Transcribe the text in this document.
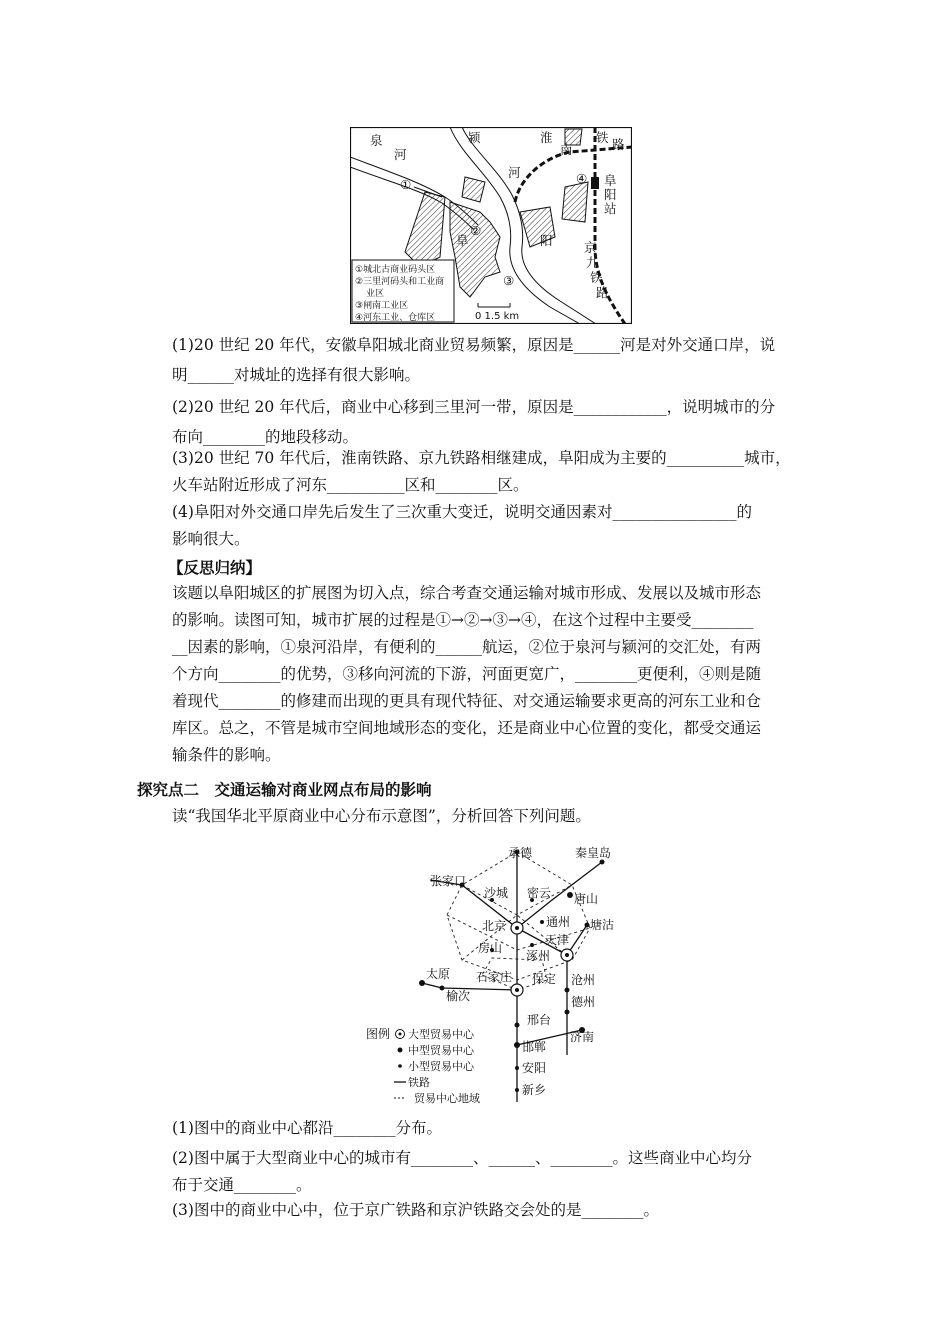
泉
河
颍
河
淮
南
铁 路
阜
阳
站
京
九
铁
路
阜	阳
①
②
③
④
①城北古商业码头区
②三里河码头和工业商
业区
③闸南工业区
④河东工业、仓库区	0 1.5 km
(1)20 世纪 20 年代，安徽阜阳城北商业贸易频繁，原因是______河是对外交通口岸，说
明______对城址的选择有很大影响。
(2)20 世纪 20 年代后，商业中心移到三里河一带，原因是____________，说明城市的分
布向________的地段移动。
(3)20 世纪 70 年代后，淮南铁路、京九铁路相继建成，阜阳成为主要的__________城市，
火车站附近形成了河东__________区和________区。
(4)阜阳对外交通口岸先后发生了三次重大变迁，说明交通因素对________________的
影响很大。
【反思归纳】
该题以阜阳城区的扩展图为切入点，综合考查交通运输对城市形成、发展以及城市形态
的影响。读图可知，城市扩展的过程是①→②→③→④，在这个过程中主要受________
__因素的影响，①泉河沿岸，有便利的______航运，②位于泉河与颍河的交汇处，有两
个方向________的优势，③移向河流的下游，河面更宽广，________更便利，④则是随
着现代________的修建而出现的更具有现代特征、对交通运输要求更高的河东工业和仓
库区。总之，不管是城市空间地域形态的变化，还是商业中心位置的变化，都受交通运
输条件的影响。
探究点二　交通运输对商业网点布局的影响
读“我国华北平原商业中心分布示意图”，分析回答下列问题。
承德	秦皇岛
张家口
沙城 密云 唐山
北京	通州 塘沽
房山
天津
涿州
太原 石家庄 保定 沧州
榆次	德州
邢台
济南
邯郸
安阳
新乡
图例 大型贸易中心
中型贸易中心
小型贸易中心
铁路
贸易中心地域
(1)图中的商业中心都沿________分布。
(2)图中属于大型商业中心的城市有________、______、________。这些商业中心均分
布于交通________。
(3)图中的商业中心中，位于京广铁路和京沪铁路交会处的是________。
